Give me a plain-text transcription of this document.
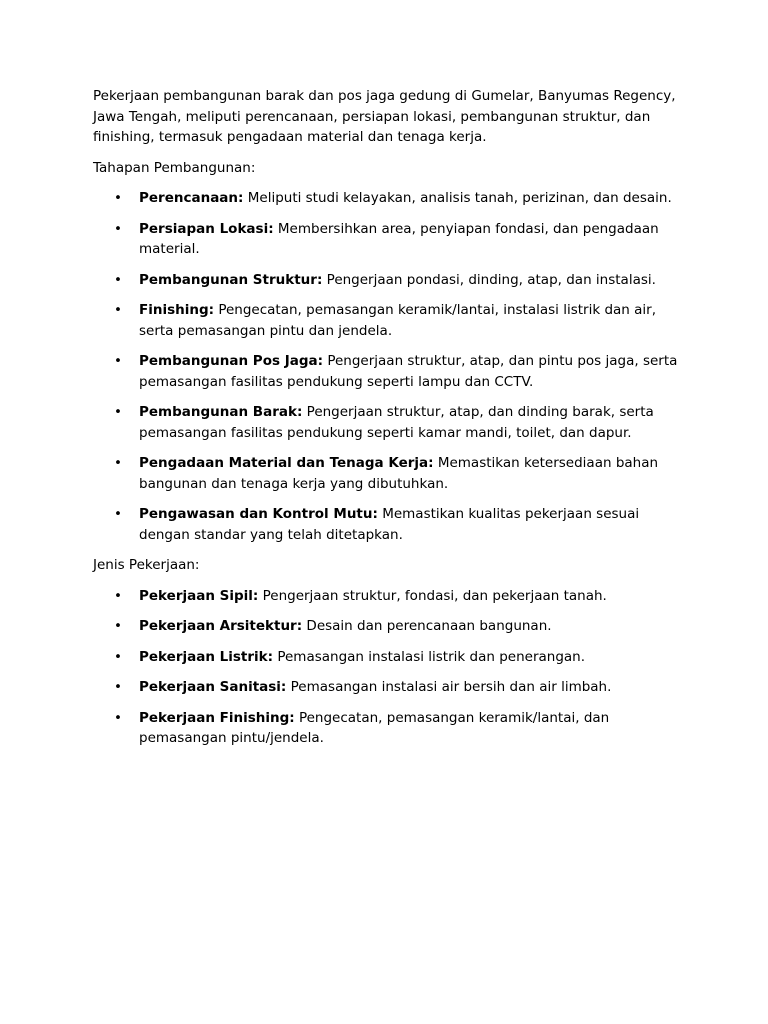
Pekerjaan pembangunan barak dan pos jaga gedung di Gumelar, Banyumas Regency, Jawa Tengah, meliputi perencanaan, persiapan lokasi, pembangunan struktur, dan finishing, termasuk pengadaan material dan tenaga kerja.

Tahapan Pembangunan:

• Perencanaan: Meliputi studi kelayakan, analisis tanah, perizinan, dan desain.
• Persiapan Lokasi: Membersihkan area, penyiapan fondasi, dan pengadaan material.
• Pembangunan Struktur: Pengerjaan pondasi, dinding, atap, dan instalasi.
• Finishing: Pengecatan, pemasangan keramik/lantai, instalasi listrik dan air, serta pemasangan pintu dan jendela.
• Pembangunan Pos Jaga: Pengerjaan struktur, atap, dan pintu pos jaga, serta pemasangan fasilitas pendukung seperti lampu dan CCTV.
• Pembangunan Barak: Pengerjaan struktur, atap, dan dinding barak, serta pemasangan fasilitas pendukung seperti kamar mandi, toilet, dan dapur.
• Pengadaan Material dan Tenaga Kerja: Memastikan ketersediaan bahan bangunan dan tenaga kerja yang dibutuhkan.
• Pengawasan dan Kontrol Mutu: Memastikan kualitas pekerjaan sesuai dengan standar yang telah ditetapkan.

Jenis Pekerjaan:

• Pekerjaan Sipil: Pengerjaan struktur, fondasi, dan pekerjaan tanah.
• Pekerjaan Arsitektur: Desain dan perencanaan bangunan.
• Pekerjaan Listrik: Pemasangan instalasi listrik dan penerangan.
• Pekerjaan Sanitasi: Pemasangan instalasi air bersih dan air limbah.
• Pekerjaan Finishing: Pengecatan, pemasangan keramik/lantai, dan pemasangan pintu/jendela.
